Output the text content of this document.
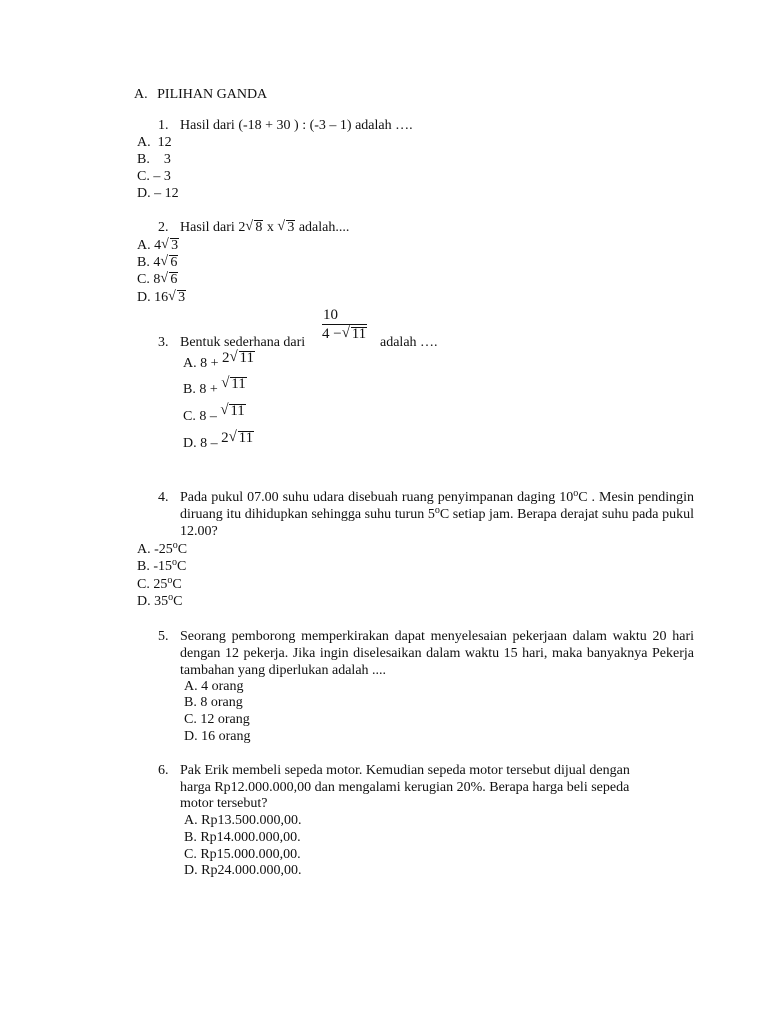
A. PILIHAN GANDA
1. Hasil dari (-18 + 30 ) : (-3 – 1) adalah ….
A. 12
B. 3
C. – 3
D. – 12
2. Hasil dari 2 √ 8 x √ 3 adalah....
A. 4 √ 3
B. 4 √ 6
C. 8 √ 6
D. 16 √ 3
3. Bentuk sederhana dari
$\frac{10}{4 - √ 11}$
adalah ….
A. 8 + 2 √ 11
B. 8 + √ 11
C. 8 – √ 11
D. 8 – 2 √ 11
4. Pada pukul 07.00 suhu udara disebuah ruang penyimpanan daging 10$^o$C . Mesin pendingin diruang itu dihidupkan sehingga suhu turun 5$^o$C setiap jam. Berapa derajat suhu pada pukul 12.00?
A. -25$^o$C
B. -15$^o$C
C. 25$^o$C
D. 35$^o$C
5. Seorang pemborong memperkirakan dapat menyelesaian pekerjaan dalam waktu 20 hari dengan 12 pekerja. Jika ingin diselesaikan dalam waktu 15 hari, maka banyaknya Pekerja tambahan yang diperlukan adalah ....
A. 4 orang
B. 8 orang
C. 12 orang
D. 16 orang
6. Pak Erik membeli sepeda motor. Kemudian sepeda motor tersebut dijual dengan
harga Rp12.000.000,00 dan mengalami kerugian 20%. Berapa harga beli sepeda
motor tersebut?
A. Rp13.500.000,00.
B. Rp14.000.000,00.
C. Rp15.000.000,00.
D. Rp24.000.000,00.
